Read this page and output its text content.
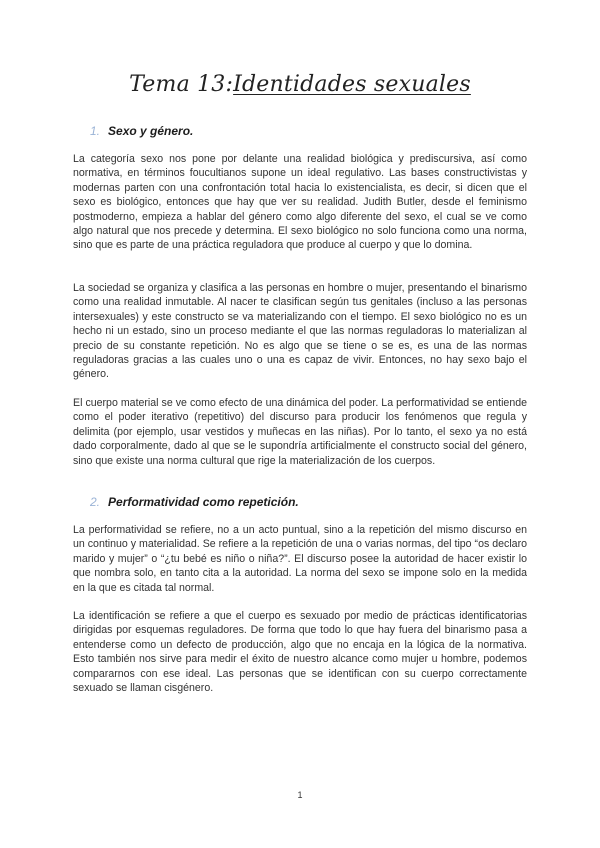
Tema 13:Identidades sexuales
1. Sexo y género.

La categoría sexo nos pone por delante una realidad biológica y prediscursiva, así como normativa, en términos foucultianos supone un ideal regulativo. Las bases constructivistas y modernas parten con una confrontación total hacia lo existencialista, es decir, si dicen que el sexo es biológico, entonces que hay que ver su realidad. Judith Butler, desde el feminismo postmoderno, empieza a hablar del género como algo diferente del sexo, el cual se ve como algo natural que nos precede y determina. El sexo biológico no solo funciona como una norma, sino que es parte de una práctica reguladora que produce al cuerpo y que lo domina.

La sociedad se organiza y clasifica a las personas en hombre o mujer, presentando el binarismo como una realidad inmutable. Al nacer te clasifican según tus genitales (incluso a las personas intersexuales) y este constructo se va materializando con el tiempo. El sexo biológico no es un hecho ni un estado, sino un proceso mediante el que las normas reguladoras lo materializan al precio de su constante repetición. No es algo que se tiene o se es, es una de las normas reguladoras gracias a las cuales uno o una es capaz de vivir. Entonces, no hay sexo bajo el género.

El cuerpo material se ve como efecto de una dinámica del poder. La performatividad se entiende como el poder iterativo (repetitivo) del discurso para producir los fenómenos que regula y delimita (por ejemplo, usar vestidos y muñecas en las niñas). Por lo tanto, el sexo ya no está dado corporalmente, dado al que se le supondría artificialmente el constructo social del género, sino que existe una norma cultural que rige la materialización de los cuerpos.

2. Performatividad como repetición.

La performatividad se refiere, no a un acto puntual, sino a la repetición del mismo discurso en un continuo y materialidad. Se refiere a la repetición de una o varias normas, del tipo “os declaro marido y mujer” o “¿tu bebé es niño o niña?”. El discurso posee la autoridad de hacer existir lo que nombra solo, en tanto cita a la autoridad. La norma del sexo se impone solo en la medida en la que es citada tal normal.

La identificación se refiere a que el cuerpo es sexuado por medio de prácticas identificatorias dirigidas por esquemas reguladores. De forma que todo lo que hay fuera del binarismo pasa a entenderse como un defecto de producción, algo que no encaja en la lógica de la normativa. Esto también nos sirve para medir el éxito de nuestro alcance como mujer u hombre, podemos compararnos con ese ideal. Las personas que se identifican con su cuerpo correctamente sexuado se llaman cisgénero.

1
